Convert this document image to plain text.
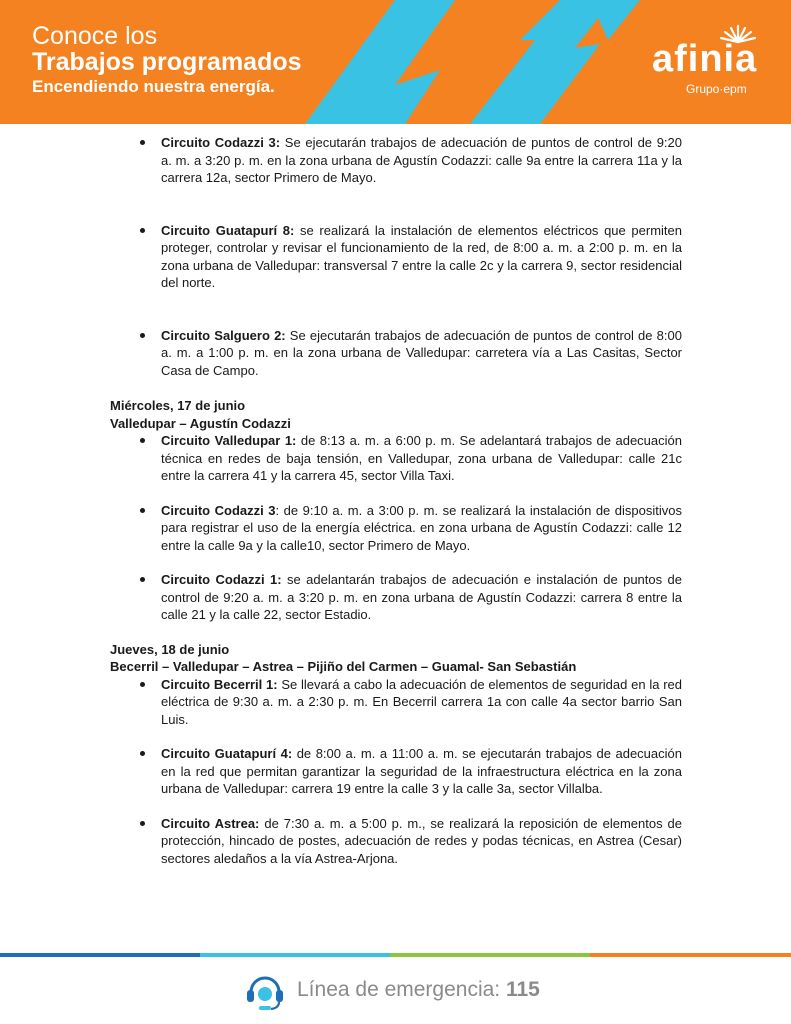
Conoce los
Trabajos programados
Encendiendo nuestra energía.
afinia
Grupo·epm
Circuito Codazzi 3: Se ejecutarán trabajos de adecuación de puntos de control de 9:20 a. m. a 3:20 p. m. en la zona urbana de Agustín Codazzi: calle 9a entre la carrera 11a y la carrera 12a, sector Primero de Mayo.
Circuito Guatapurí 8: se realizará la instalación de elementos eléctricos que permiten proteger, controlar y revisar el funcionamiento de la red, de 8:00 a. m. a 2:00 p. m. en la zona urbana de Valledupar: transversal 7 entre la calle 2c y la carrera 9, sector residencial del norte.
Circuito Salguero 2: Se ejecutarán trabajos de adecuación de puntos de control de 8:00 a. m. a 1:00 p. m. en la zona urbana de Valledupar: carretera vía a Las Casitas, Sector Casa de Campo.
Miércoles, 17 de junio
Valledupar – Agustín Codazzi
Circuito Valledupar 1: de 8:13 a. m. a 6:00 p. m. Se adelantará trabajos de adecuación técnica en redes de baja tensión, en Valledupar, zona urbana de Valledupar: calle 21c entre la carrera 41 y la carrera 45, sector Villa Taxi.
Circuito Codazzi 3: de 9:10 a. m. a 3:00 p. m. se realizará la instalación de dispositivos para registrar el uso de la energía eléctrica. en zona urbana de Agustín Codazzi: calle 12 entre la calle 9a y la calle10, sector Primero de Mayo.
Circuito Codazzi 1: se adelantarán trabajos de adecuación e instalación de puntos de control de 9:20 a. m. a 3:20 p. m. en zona urbana de Agustín Codazzi: carrera 8 entre la calle 21 y la calle 22, sector Estadio.
Jueves, 18 de junio
Becerril – Valledupar – Astrea – Pijiño del Carmen – Guamal- San Sebastián
Circuito Becerril 1: Se llevará a cabo la adecuación de elementos de seguridad en la red eléctrica de 9:30 a. m. a 2:30 p. m. En Becerril carrera 1a con calle 4a sector barrio San Luis.
Circuito Guatapurí 4: de 8:00 a. m. a 11:00 a. m. se ejecutarán trabajos de adecuación en la red que permitan garantizar la seguridad de la infraestructura eléctrica en la zona urbana de Valledupar: carrera 19 entre la calle 3 y la calle 3a, sector Villalba.
Circuito Astrea: de 7:30 a. m. a 5:00 p. m., se realizará la reposición de elementos de protección, hincado de postes, adecuación de redes y podas técnicas, en Astrea (Cesar) sectores aledaños a la vía Astrea-Arjona.
Línea de emergencia: 115
